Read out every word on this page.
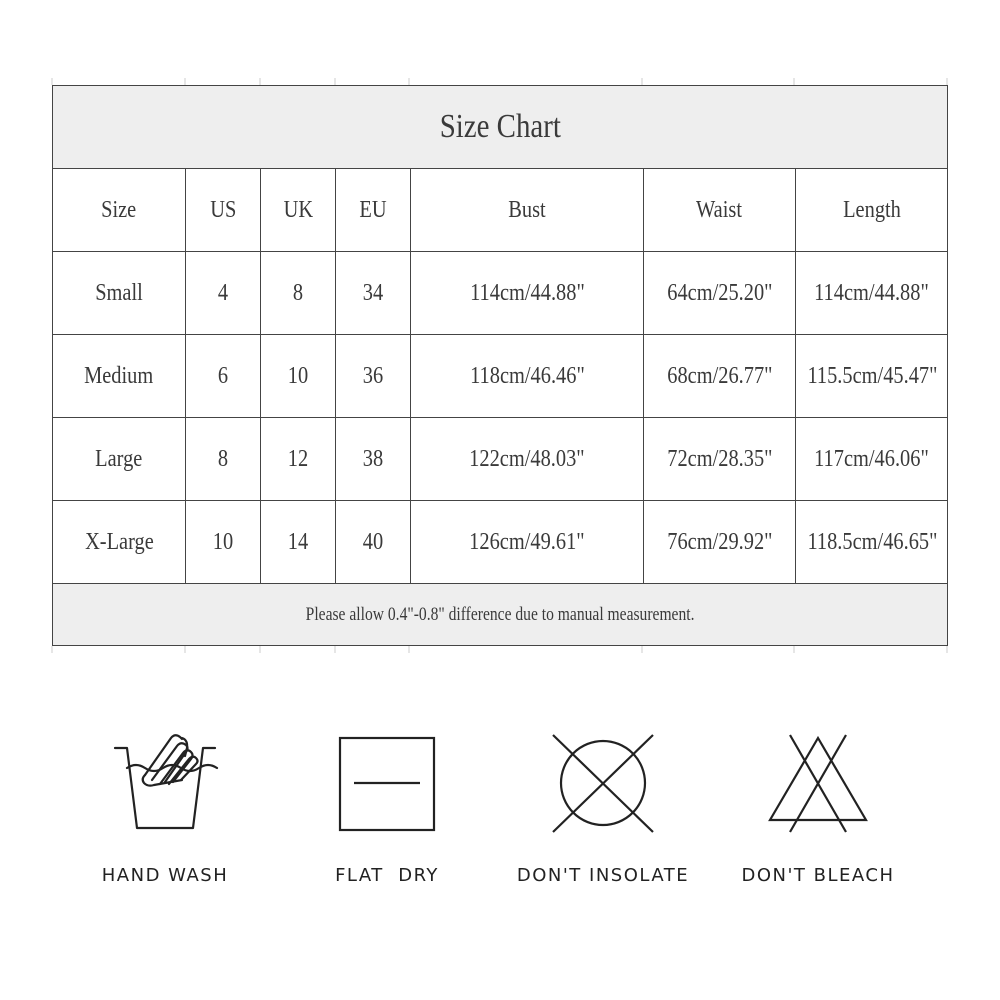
Size Chart						
Size	US	UK	EU	Bust	Waist	Length
Small	4	8	34	114cm/44.88"	64cm/25.20"	114cm/44.88"
Medium	6	10	36	118cm/46.46"	68cm/26.77"	115.5cm/45.47"
Large	8	12	38	122cm/48.03"	72cm/28.35"	117cm/46.06"
X-Large	10	14	40	126cm/49.61"	76cm/29.92"	118.5cm/46.65"
Please allow 0.4"-0.8" difference due to manual measurement.						
HAND WASH	FLAT  DRY	DON'T INSOLATE	DON'T BLEACH
